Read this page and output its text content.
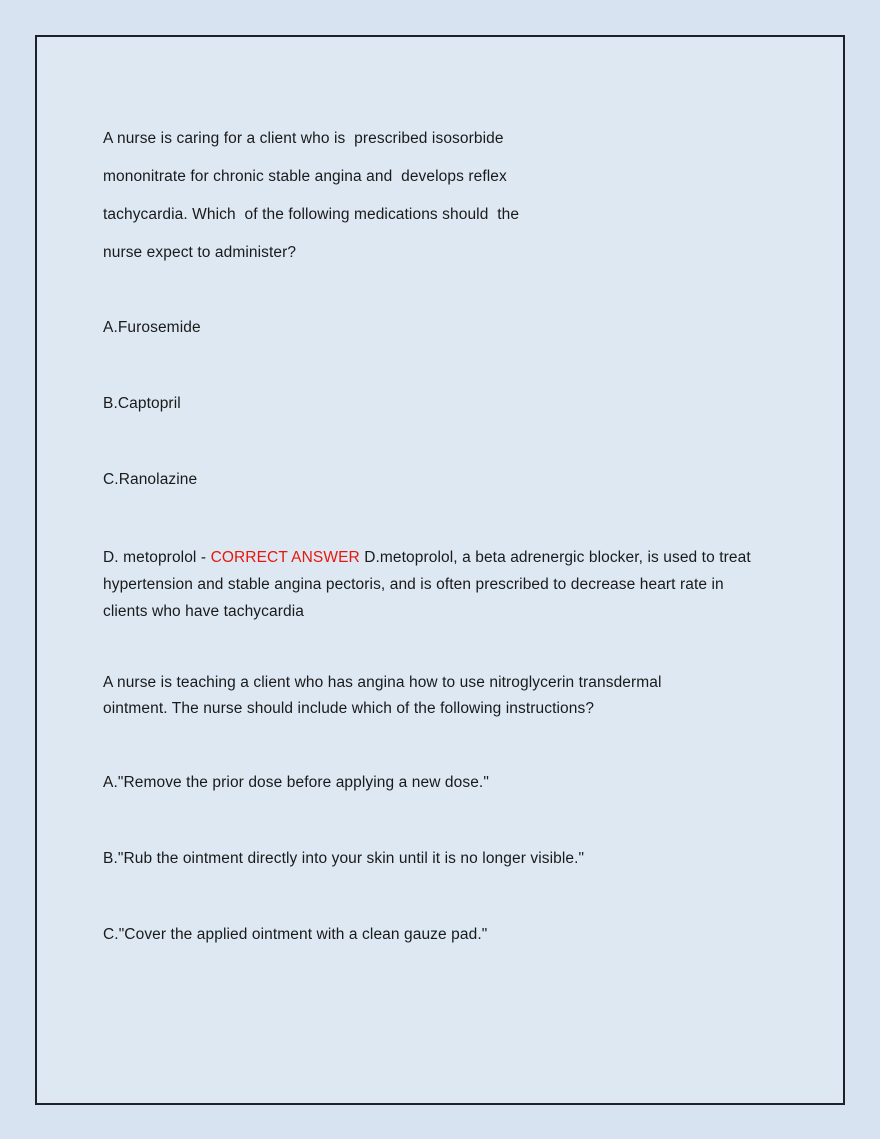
A nurse is caring for a client who is  prescribed isosorbide

mononitrate for chronic stable angina and  develops reflex

tachycardia. Which  of the following medications should  the

nurse expect to administer?

A.Furosemide

B.Captopril

C.Ranolazine

D. metoprolol - CORRECT ANSWER D.metoprolol, a beta adrenergic blocker, is used to treat hypertension and stable angina pectoris, and is often prescribed to decrease heart rate in clients who have tachycardia

A nurse is teaching a client who has angina how to use nitroglycerin transdermal

ointment. The nurse should include which of the following instructions?

A."Remove the prior dose before applying a new dose."

B."Rub the ointment directly into your skin until it is no longer visible."

C."Cover the applied ointment with a clean gauze pad."
